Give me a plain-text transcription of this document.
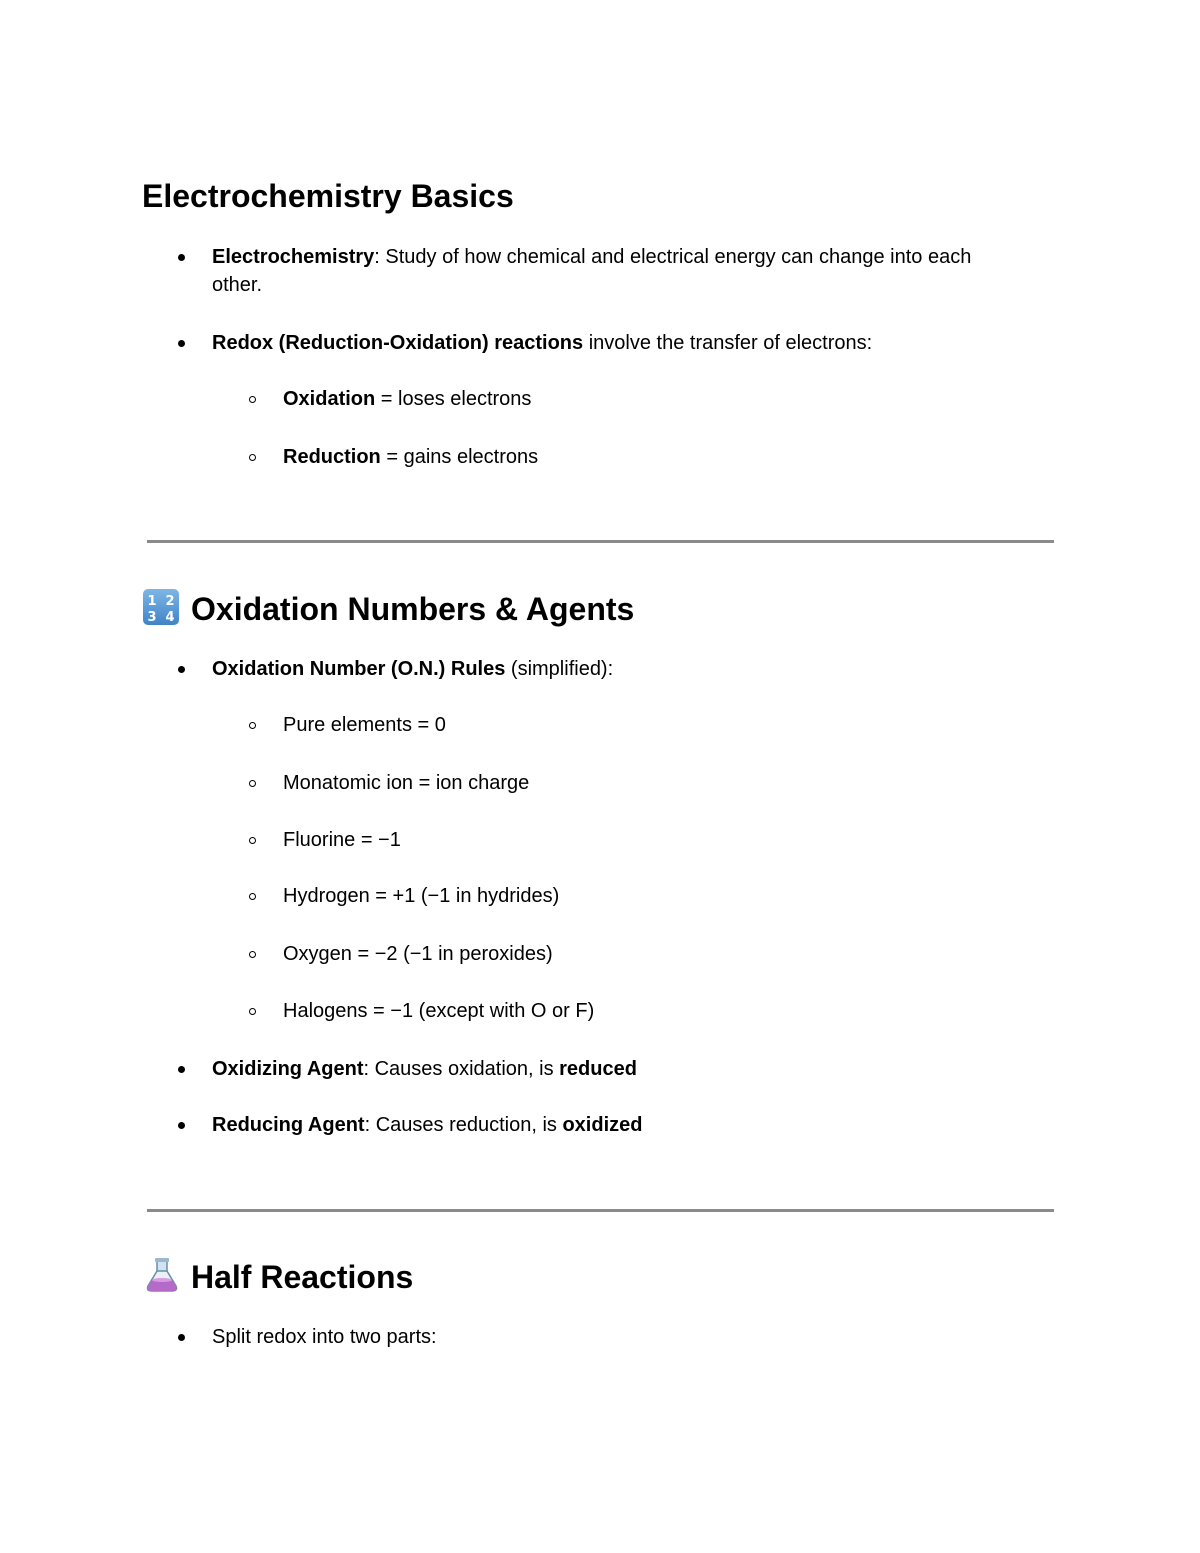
Electrochemistry Basics
Electrochemistry: Study of how chemical and electrical energy can change into each
other.
Redox (Reduction-Oxidation) reactions involve the transfer of electrons:
Oxidation = loses electrons
Reduction = gains electrons
1 2
3 4 Oxidation Numbers & Agents
Oxidation Number (O.N.) Rules (simplified):
Pure elements = 0
Monatomic ion = ion charge
Fluorine = −1
Hydrogen = +1 (−1 in hydrides)
Oxygen = −2 (−1 in peroxides)
Halogens = −1 (except with O or F)
Oxidizing Agent: Causes oxidation, is reduced
Reducing Agent: Causes reduction, is oxidized
Half Reactions
Split redox into two parts:
